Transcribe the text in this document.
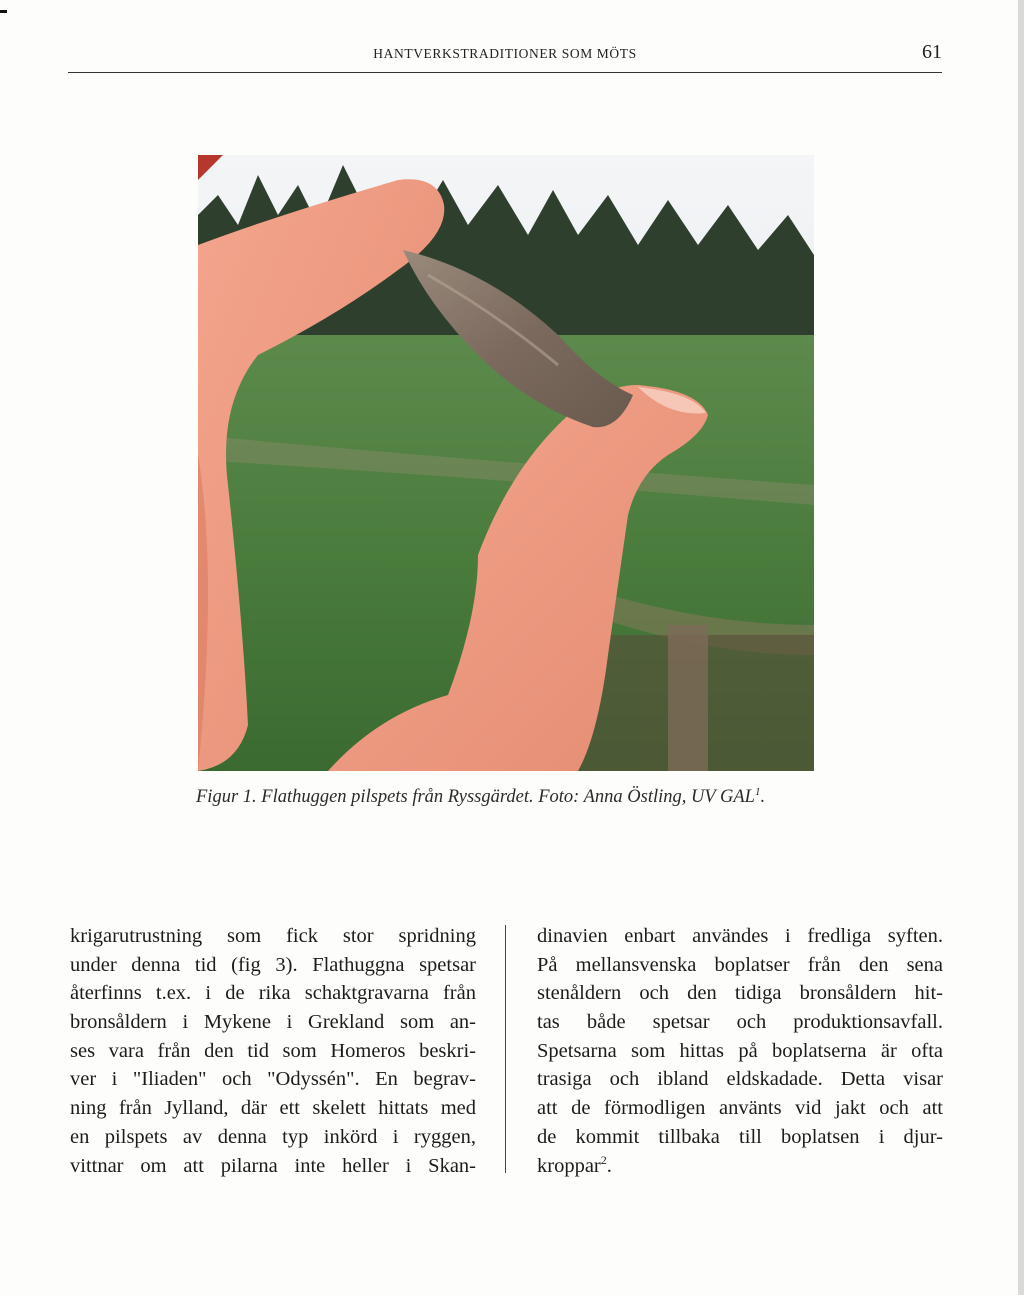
HANTVERKSTRADITIONER SOM MÖTS	61
Figur 1. Flathuggen pilspets från Ryssgärdet. Foto: Anna Östling, UV GAL$^1$.
krigarutrustning som fick stor spridning
under denna tid (fig 3). Flathuggna spetsar
återfinns t.ex. i de rika schaktgravarna från
bronsåldern i Mykene i Grekland som an-
ses vara från den tid som Homeros beskri-
ver i "Iliaden" och "Odyssén". En begrav-
ning från Jylland, där ett skelett hittats med
en pilspets av denna typ inkörd i ryggen,
vittnar om att pilarna inte heller i Skan-
dinavien enbart användes i fredliga syften.
På mellansvenska boplatser från den sena
stenåldern och den tidiga bronsåldern hit-
tas både spetsar och produktionsavfall.
Spetsarna som hittas på boplatserna är ofta
trasiga och ibland eldskadade. Detta visar
att de förmodligen använts vid jakt och att
de kommit tillbaka till boplatsen i djur-
kroppar$^2$.
